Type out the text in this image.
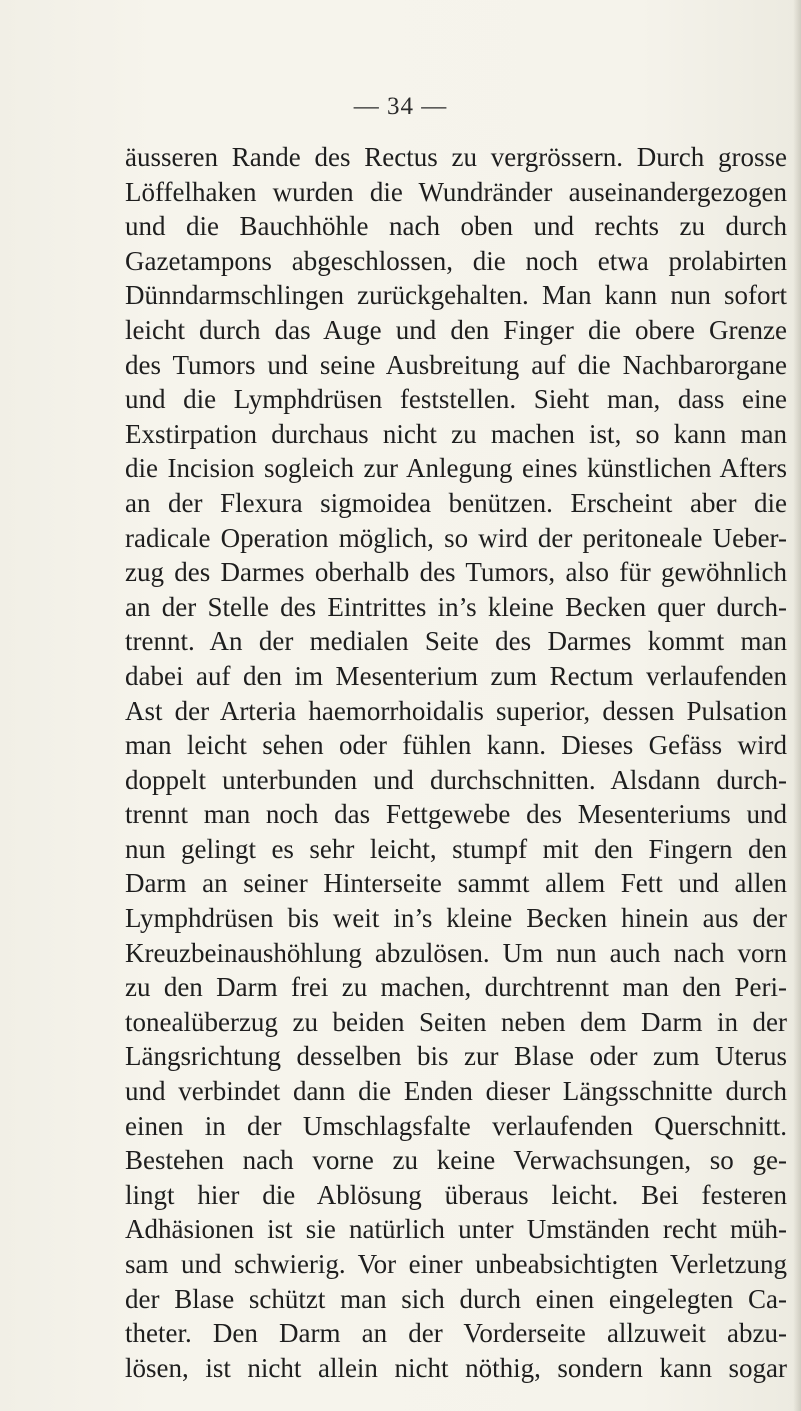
— 34 —
äusseren Rande des Rectus zu vergrössern. Durch grosse
Löffelhaken wurden die Wundränder auseinandergezogen
und die Bauchhöhle nach oben und rechts zu durch
Gazetampons abgeschlossen, die noch etwa prolabirten
Dünndarmschlingen zurückgehalten. Man kann nun sofort
leicht durch das Auge und den Finger die obere Grenze
des Tumors und seine Ausbreitung auf die Nachbarorgane
und die Lymphdrüsen feststellen. Sieht man, dass eine
Exstirpation durchaus nicht zu machen ist, so kann man
die Incision sogleich zur Anlegung eines künstlichen Afters
an der Flexura sigmoidea benützen. Erscheint aber die
radicale Operation möglich, so wird der peritoneale Ueber-
zug des Darmes oberhalb des Tumors, also für gewöhnlich
an der Stelle des Eintrittes in’s kleine Becken quer durch-
trennt. An der medialen Seite des Darmes kommt man
dabei auf den im Mesenterium zum Rectum verlaufenden
Ast der Arteria haemorrhoidalis superior, dessen Pulsation
man leicht sehen oder fühlen kann. Dieses Gefäss wird
doppelt unterbunden und durchschnitten. Alsdann durch-
trennt man noch das Fettgewebe des Mesenteriums und
nun gelingt es sehr leicht, stumpf mit den Fingern den
Darm an seiner Hinterseite sammt allem Fett und allen
Lymphdrüsen bis weit in’s kleine Becken hinein aus der
Kreuzbeinaushöhlung abzulösen. Um nun auch nach vorn
zu den Darm frei zu machen, durchtrennt man den Peri-
tonealüberzug zu beiden Seiten neben dem Darm in der
Längsrichtung desselben bis zur Blase oder zum Uterus
und verbindet dann die Enden dieser Längsschnitte durch
einen in der Umschlagsfalte verlaufenden Querschnitt.
Bestehen nach vorne zu keine Verwachsungen, so ge-
lingt hier die Ablösung überaus leicht. Bei festeren
Adhäsionen ist sie natürlich unter Umständen recht müh-
sam und schwierig. Vor einer unbeabsichtigten Verletzung
der Blase schützt man sich durch einen eingelegten Ca-
theter. Den Darm an der Vorderseite allzuweit abzu-
lösen, ist nicht allein nicht nöthig, sondern kann sogar
